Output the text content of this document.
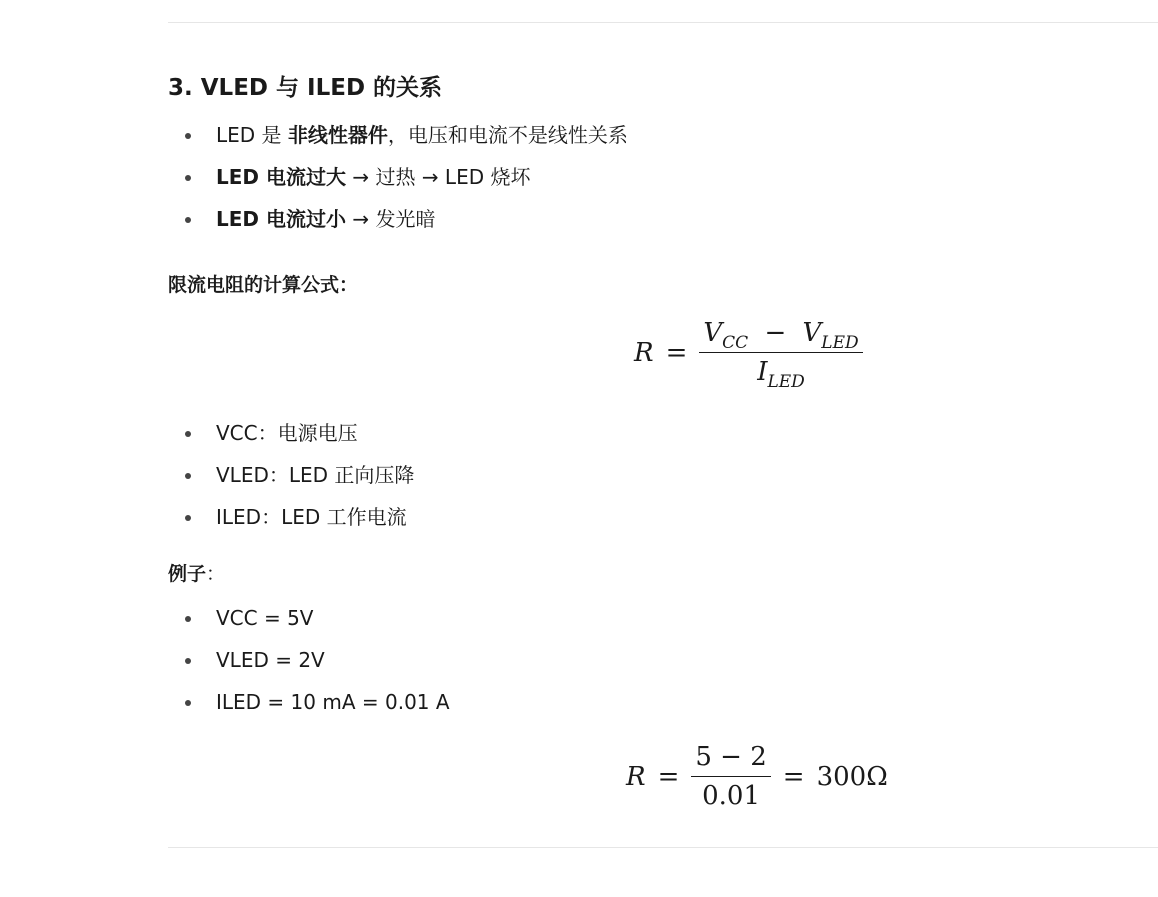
3. VLED 与 ILED 的关系
LED 是 非线性器件，电压和电流不是线性关系
LED 电流过大 → 过热 → LED 烧坏
LED 电流过小 → 发光暗
限流电阻的计算公式：
$R = \frac{V_{CC} - V_{LED}}{I_{LED}}$
VCC：电源电压
VLED：LED 正向压降
ILED：LED 工作电流
例子：
VCC = 5V
VLED = 2V
ILED = 10 mA = 0.01 A
$R = \frac{5 - 2}{0.01} = 300\Omega$
